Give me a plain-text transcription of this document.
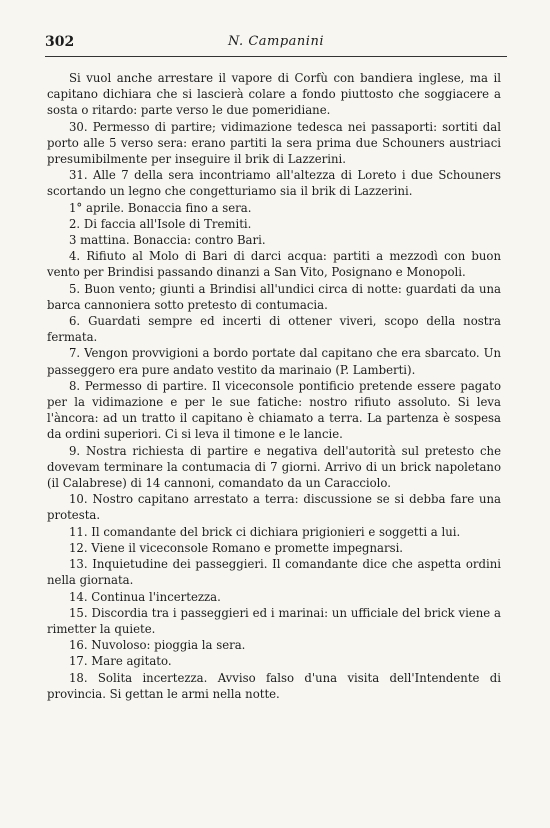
302	N. Campanini

Si vuol anche arrestare il vapore di Corfù con bandiera inglese, ma il capitano dichiara che si lascierà colare a fondo piuttosto che soggiacere a sosta o ritardo: parte verso le due pomeridiane.

30. Permesso di partire; vidimazione tedesca nei passaporti: sortiti dal porto alle 5 verso sera: erano partiti la sera prima due Schouners austriaci presumibilmente per inseguire il brik di Lazzerini.

31. Alle 7 della sera incontriamo all'altezza di Loreto i due Schouners scortando un legno che congetturiamo sia il brik di Lazzerini.

1° aprile. Bonaccia fino a sera.

2. Di faccia all'Isole di Tremiti.

3 mattina. Bonaccia: contro Bari.

4. Rifiuto al Molo di Bari di darci acqua: partiti a mezzodì con buon vento per Brindisi passando dinanzi a San Vito, Posignano e Monopoli.

5. Buon vento; giunti a Brindisi all'undici circa di notte: guardati da una barca cannoniera sotto pretesto di contumacia.

6. Guardati sempre ed incerti di ottener viveri, scopo della nostra fermata.

7. Vengon provvigioni a bordo portate dal capitano che era sbarcato. Un passeggero era pure andato vestito da marinaio (P. Lamberti).

8. Permesso di partire. Il viceconsole pontificio pretende essere pagato per la vidimazione e per le sue fatiche: nostro rifiuto assoluto. Si leva l'àncora: ad un tratto il capitano è chiamato a terra. La partenza è sospesa da ordini superiori. Ci si leva il timone e le lancie.

9. Nostra richiesta di partire e negativa dell'autorità sul pretesto che dovevam terminare la contumacia di 7 giorni. Arrivo di un brick napoletano (il Calabrese) di 14 cannoni, comandato da un Caracciolo.

10. Nostro capitano arrestato a terra: discussione se si debba fare una protesta.

11. Il comandante del brick ci dichiara prigionieri e soggetti a lui.

12. Viene il viceconsole Romano e promette impegnarsi.

13. Inquietudine dei passeggieri. Il comandante dice che aspetta ordini nella giornata.

14. Continua l'incertezza.

15. Discordia tra i passeggieri ed i marinai: un ufficiale del brick viene a rimetter la quiete.

16. Nuvoloso: pioggia la sera.

17. Mare agitato.

18. Solita incertezza. Avviso falso d'una visita dell'Intendente di provincia. Si gettan le armi nella notte.
